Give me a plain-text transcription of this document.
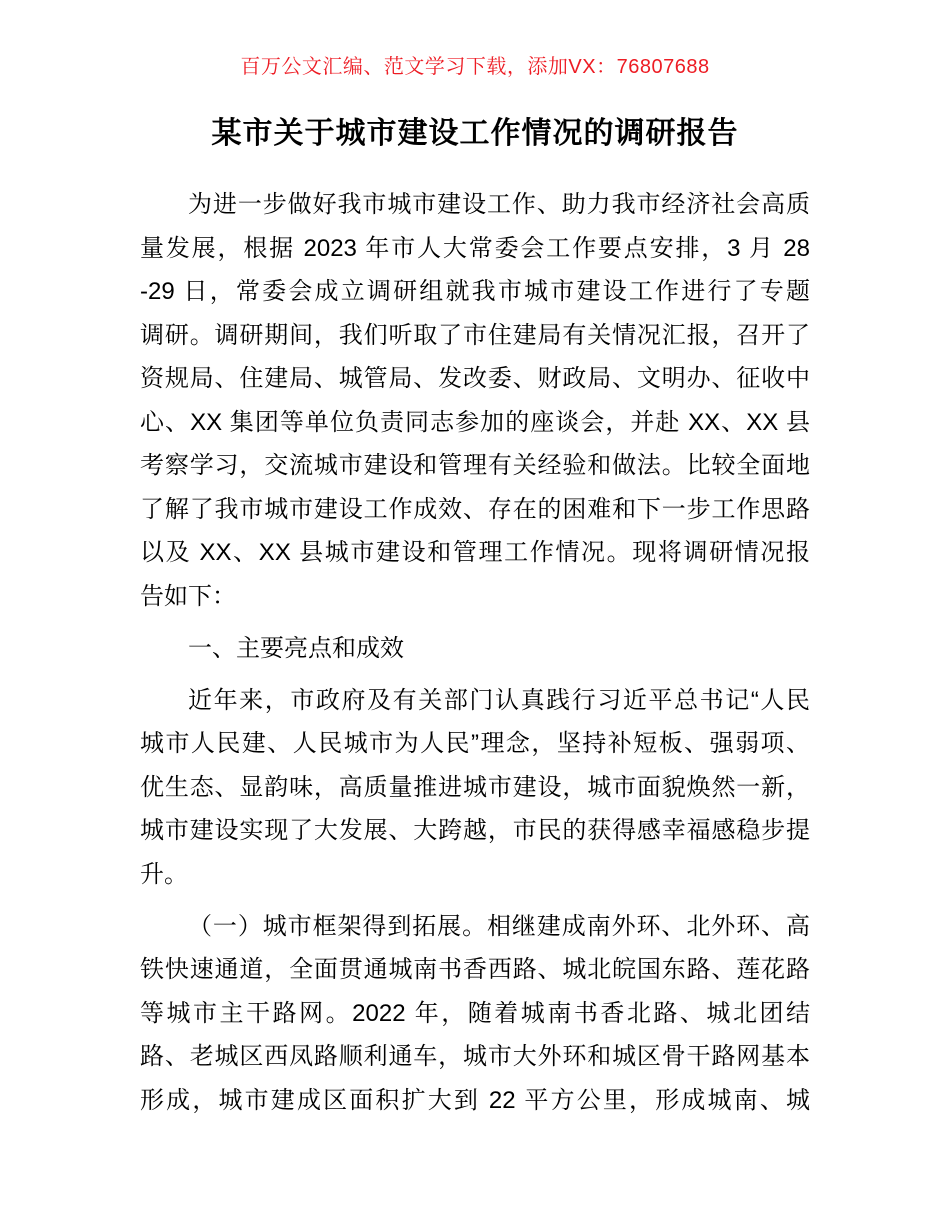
百万公文汇编、范文学习下载，添加VX：76807688
某市关于城市建设工作情况的调研报告
为进一步做好我市城市建设工作、助力我市经济社会高质
量发展，根据 2023 年市人大常委会工作要点安排，3 月 28
-29 日，常委会成立调研组就我市城市建设工作进行了专题
调研。调研期间，我们听取了市住建局有关情况汇报，召开了
资规局、住建局、城管局、发改委、财政局、文明办、征收中
心、XX 集团等单位负责同志参加的座谈会，并赴 XX、XX 县
考察学习，交流城市建设和管理有关经验和做法。比较全面地
了解了我市城市建设工作成效、存在的困难和下一步工作思路
以及 XX、XX 县城市建设和管理工作情况。现将调研情况报
告如下：
一、主要亮点和成效
近年来，市政府及有关部门认真践行习近平总书记“人民
城市人民建、人民城市为人民”理念，坚持补短板、强弱项、
优生态、显韵味，高质量推进城市建设，城市面貌焕然一新，
城市建设实现了大发展、大跨越，市民的获得感幸福感稳步提
升。
（一）城市框架得到拓展。相继建成南外环、北外环、高
铁快速通道，全面贯通城南书香西路、城北皖国东路、莲花路
等城市主干路网。2022 年，随着城南书香北路、城北团结
路、老城区西凤路顺利通车，城市大外环和城区骨干路网基本
形成，城市建成区面积扩大到 22 平方公里，形成城南、城
